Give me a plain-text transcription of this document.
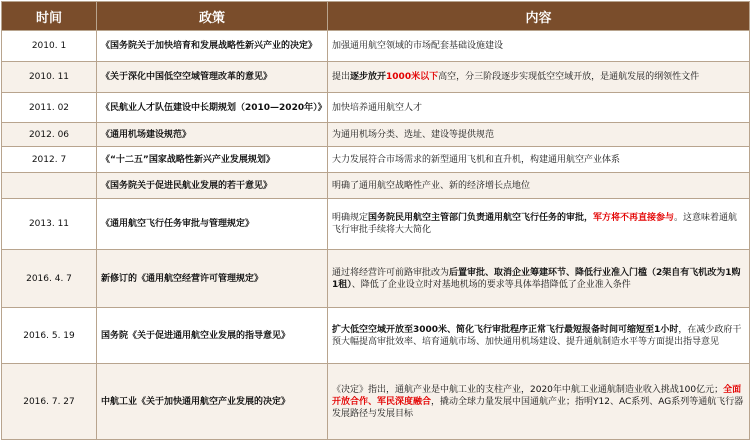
时间	政策	内容
2010. 1	《国务院关于加快培育和发展战略性新兴产业的决定》	加强通用航空领域的市场配套基础设施建设
2010. 11	《关于深化中国低空空域管理改革的意见》	提出逐步放开1000米以下高空，分三阶段逐步实现低空空域开放，是通航发展的纲领性文件
2011. 02	《民航业人才队伍建设中长期规划（2010—2020年）》	加快培养通用航空人才
2012. 06	《通用机场建设规范》	为通用机场分类、选址、建设等提供规范
2012. 7	《“十二五”国家战略性新兴产业发展规划》	大力发展符合市场需求的新型通用飞机和直升机，构建通用航空产业体系
	《国务院关于促进民航业发展的若干意见》	明确了通用航空战略性产业、新的经济增长点地位
2013. 11	《通用航空飞行任务审批与管理规定》	明确规定国务院民用航空主管部门负责通用航空飞行任务的审批，军方将不再直接参与。这意味着通航飞行审批手续将大大简化
2016. 4. 7	新修订的《通用航空经营许可管理规定》	通过将经营许可前路审批改为后置审批、取消企业筹建环节、降低行业准入门槛（2架自有飞机改为1购1租）、降低了企业设立时对基地机场的要求等具体举措降低了企业准入条件
2016. 5. 19	国务院《关于促进通用航空业发展的指导意见》	扩大低空空域开放至3000米、简化飞行审批程序正常飞行最短报备时间可缩短至1小时，在减少政府干预大幅提高审批效率、培育通航市场、加快通用机场建设、提升通航制造水平等方面提出指导意见
2016. 7. 27	中航工业《关于加快通用航空产业发展的决定》	《决定》指出，通航产业是中航工业的支柱产业，2020年中航工业通航制造业收入挑战100亿元；全面开放合作、军民深度融合，撬动全球力量发展中国通航产业；指明Y12、AC系列、AG系列等通航飞行器发展路径与发展目标
